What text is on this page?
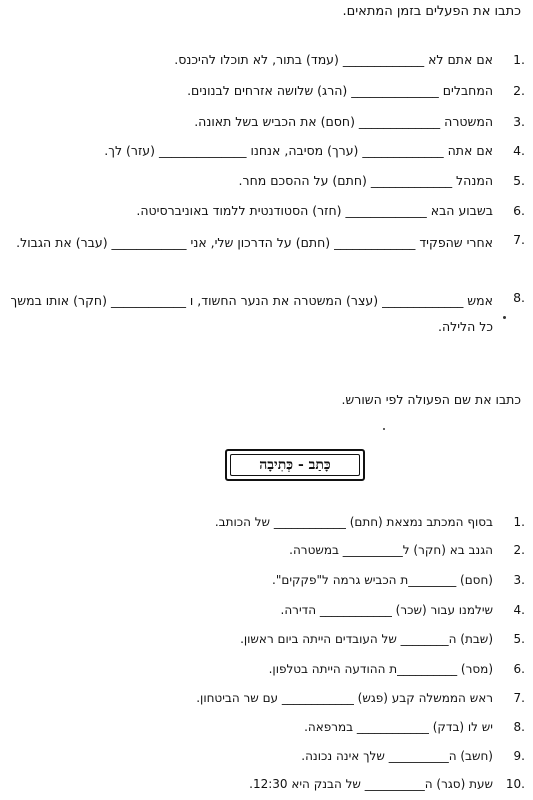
כתבו את הפעלים בזמן המתאים.
1.
אם אתם לא _____________ (עמד) בתור, לא תוכלו להיכנס.
2.
המחבלים ______________ (הרג) שלושה אזרחים לבנונים.
3.
המשטרה _____________ (חסם) את הכביש בשל תאונה.
4.
אם אתה _____________ (ערך) מסיבה, אנחנו ______________ (עזר) לך.
5.
המנהל _____________ (חתם) על ההסכם מחר.
6.
בשבוע הבא _____________ (חזר) הסטודנטית ללמוד באוניברסיטה.
7.
אחרי שהפקיד _____________ (חתם) על הדרכון שלי, אני ____________ (עבר) את הגבול.
8.
אמש _____________ (עצר) המשטרה את הנער החשוד, ו ____________ (חקר) אותו במשך כל הלילה.
כתבו את שם הפעולה לפי השורש.
כָּתַב - כְּתִיבָה
1.
בסוף המכתב נמצאת (חתם) ____________ של הכותב.
2.
הגנב בא (חקר) ל__________ במשטרה.
3.
(חסם) ________ת הכביש גרמה ל"פקקים".
4.
שילמנו עבור (שכר) ____________ הדירה.
5.
(שבת) ה________ של העובדים הייתה ביום ראשון.
6.
(מסר) __________ת ההודעה הייתה בטלפון.
7.
ראש הממשלה קבע (פגש) ____________ עם שר הביטחון.
8.
יש לו (בדק) ____________ במרפאה.
9.
(חשב) ה__________ שלך אינה נכונה.
10.
שעת (סגר) ה__________ של הבנק היא 12:30.
